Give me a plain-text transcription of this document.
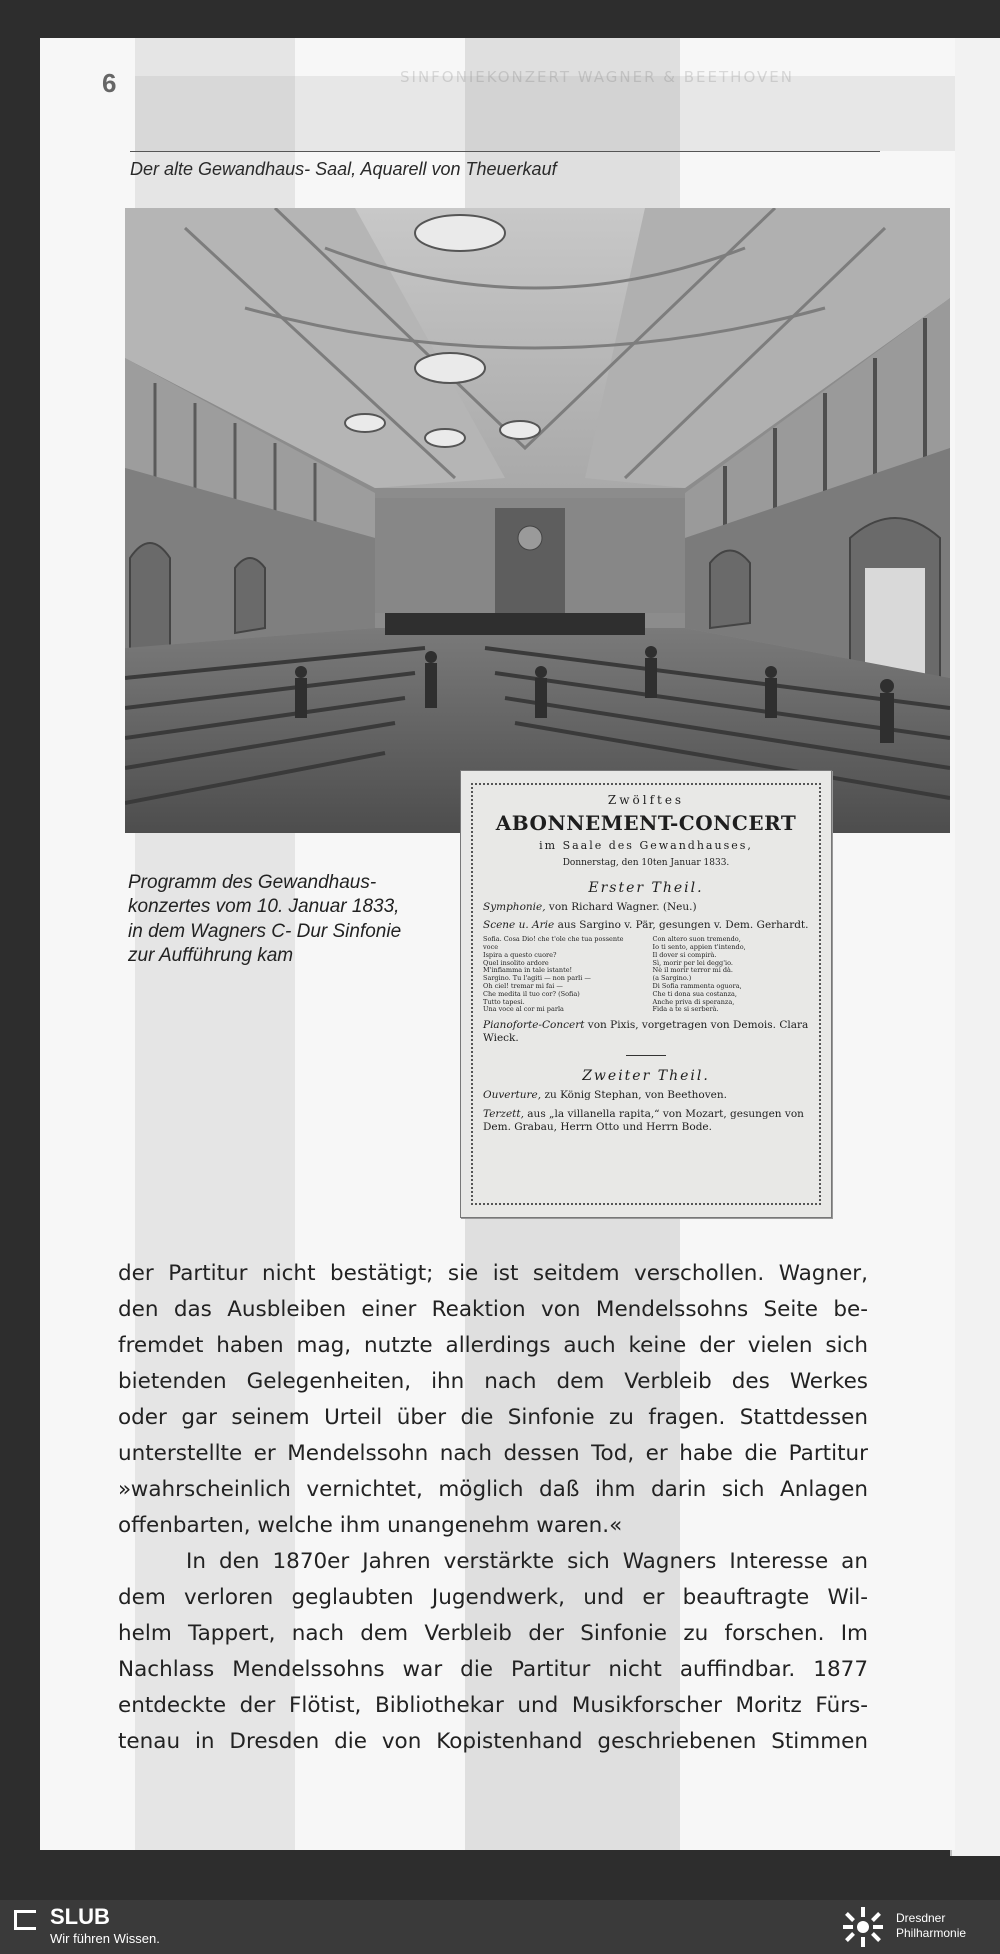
SINFONIEKONZERT WAGNER & BEETHOVEN
6
Der alte Gewandhaus- Saal, Aquarell von Theuerkauf
Programm des Gewandhaus-
konzertes vom 10. Januar 1833,
in dem Wagners C- Dur Sinfonie
zur Aufführung kam
Zwölftes
ABONNEMENT-CONCERT
im Saale des Gewandhauses,
Donnerstag, den 10ten Januar 1833.
Erster Theil.
Symphonie, von Richard Wagner. (Neu.)
Scene u. Arie aus Sargino v. Pär, gesungen v. Dem. Gerhardt.
Sofia. Cosa Dio! che t'ole che tua possente voce
Ispira a questo cuore?
Quel insolito ardore
M'infiamma in tale istante!
Sargino. Tu l'agiti — non parli —
Oh ciel! tremar mi fai —
Che medita il tuo cor? (Sofia)
Tutto tapesi.
Una voce al cor mi parla
Con altero suon tremendo,
Io ti sento, appien t'intendo,
Il dover si compirà.
Sì, morir per lei degg'io.
Nè il morir terror mi dà.
(a Sargino.)
Di Sofia rammenta oguora,
Che ti dona sua costanza,
Anche priva di speranza,
Fida a te si serberà.
Pianoforte-Concert von Pixis, vorgetragen von Demois. Clara Wieck.
Zweiter Theil.
Ouverture, zu König Stephan, von Beethoven.
Terzett, aus „la villanella rapita,“ von Mozart, gesungen von Dem. Grabau, Herrn Otto und Herrn Bode.
der Partitur nicht bestätigt; sie ist seitdem verschollen. Wagner,
den das Ausbleiben einer Reaktion von Mendelssohns Seite be-
fremdet haben mag, nutzte allerdings auch keine der vielen sich
bietenden Gelegenheiten, ihn nach dem Verbleib des Werkes
oder gar seinem Urteil über die Sinfonie zu fragen. Stattdessen
unterstellte er Mendelssohn nach dessen Tod, er habe die Partitur
»wahrscheinlich vernichtet, möglich daß ihm darin sich Anlagen
offenbarten, welche ihm unangenehm waren.«
In den 1870er Jahren verstärkte sich Wagners Interesse an
dem verloren geglaubten Jugendwerk, und er beauftragte Wil-
helm Tappert, nach dem Verbleib der Sinfonie zu forschen. Im
Nachlass Mendelssohns war die Partitur nicht auffindbar. 1877
entdeckte der Flötist, Bibliothekar und Musikforscher Moritz Fürs-
tenau in Dresden die von Kopistenhand geschriebenen Stimmen
SLUB
Wir führen Wissen.
Dresdner
Philharmonie
